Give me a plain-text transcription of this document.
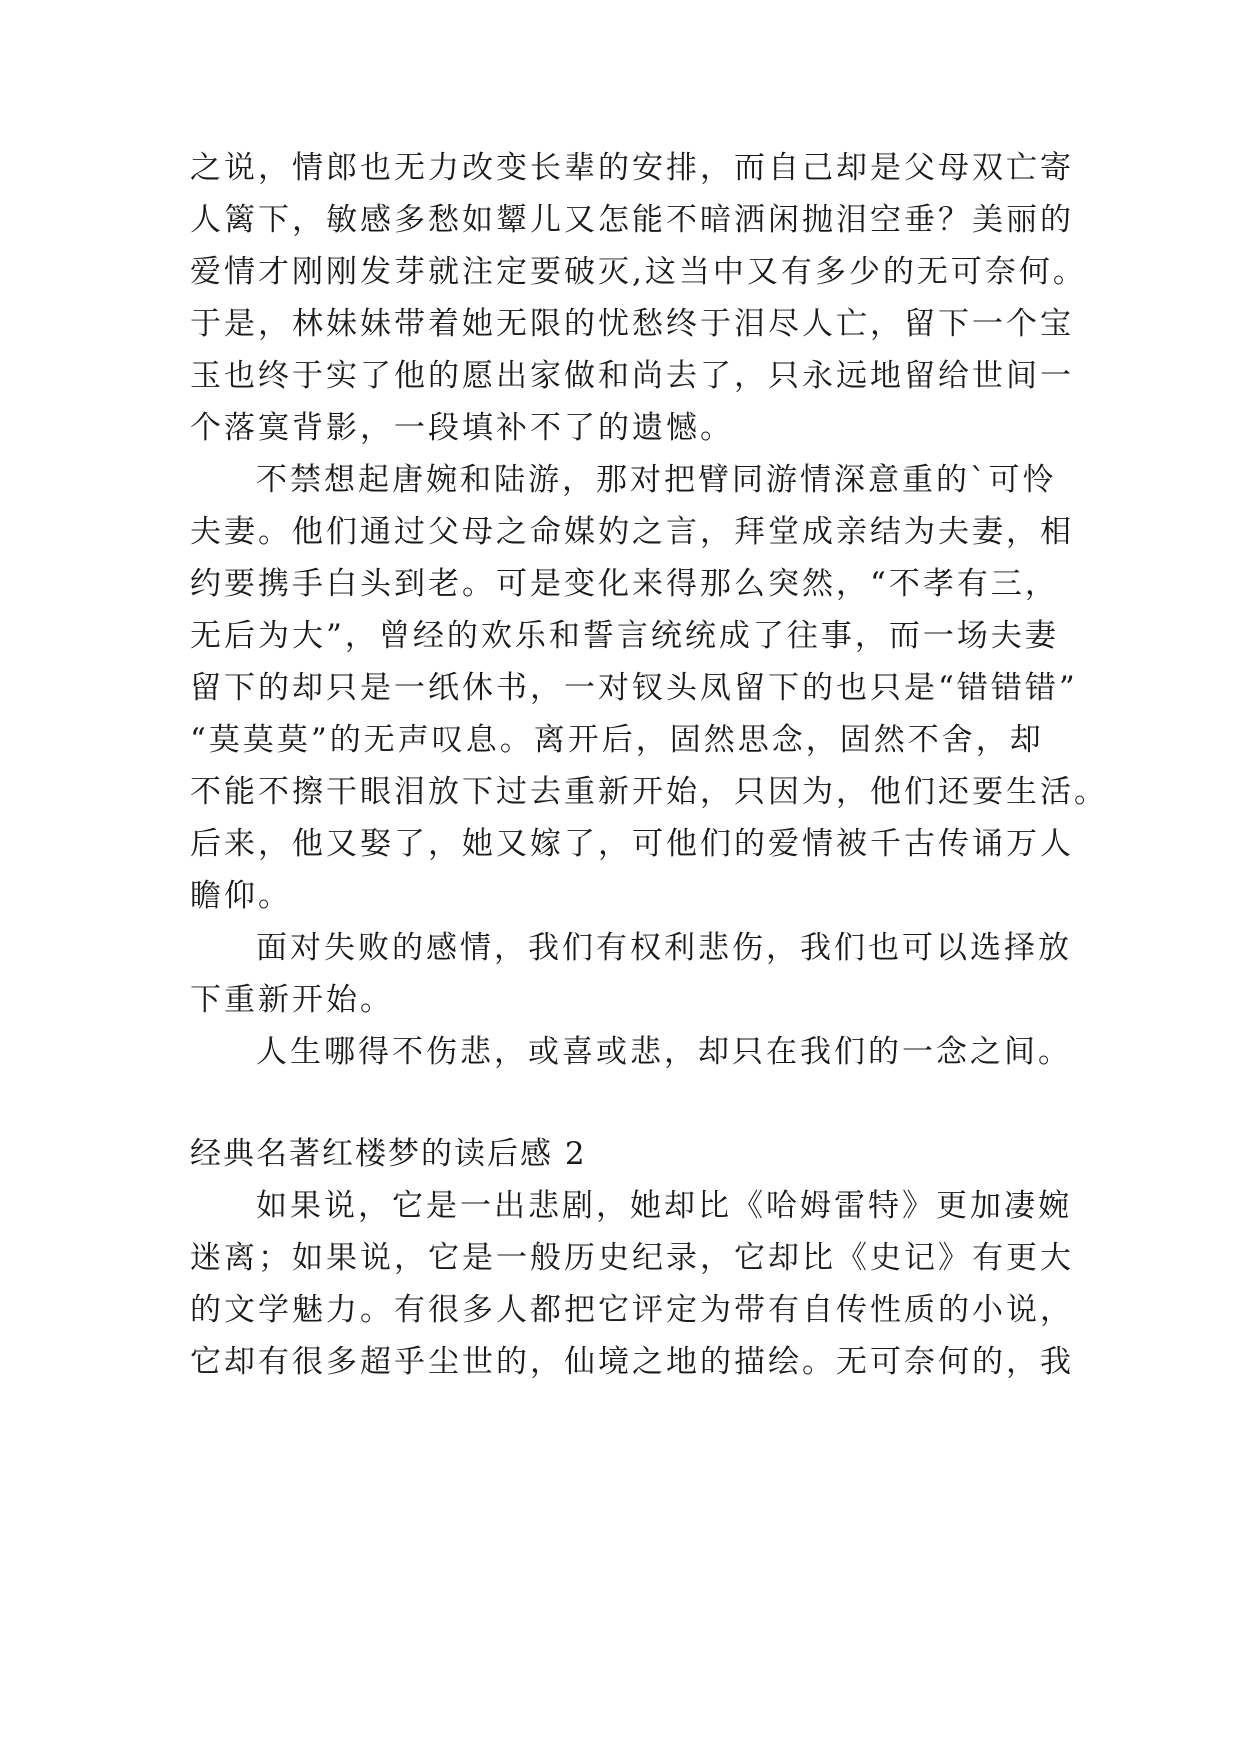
之说，情郎也无力改变长辈的安排，而自己却是父母双亡寄
人篱下，敏感多愁如颦儿又怎能不暗洒闲抛泪空垂？美丽的
爱情才刚刚发芽就注定要破灭,这当中又有多少的无可奈何。
于是，林妹妹带着她无限的忧愁终于泪尽人亡，留下一个宝
玉也终于实了他的愿出家做和尚去了，只永远地留给世间一
个落寞背影，一段填补不了的遗憾。
不禁想起唐婉和陆游，那对把臂同游情深意重的`可怜
夫妻。他们通过父母之命媒妁之言，拜堂成亲结为夫妻，相
约要携手白头到老。可是变化来得那么突然，“不孝有三，
无后为大”，曾经的欢乐和誓言统统成了往事，而一场夫妻
留下的却只是一纸休书，一对钗头凤留下的也只是“错错错”
“莫莫莫”的无声叹息。离开后，固然思念，固然不舍，却
不能不擦干眼泪放下过去重新开始，只因为，他们还要生活。
后来，他又娶了，她又嫁了，可他们的爱情被千古传诵万人
瞻仰。
面对失败的感情，我们有权利悲伤，我们也可以选择放
下重新开始。
人生哪得不伤悲，或喜或悲，却只在我们的一念之间。
经典名著红楼梦的读后感 2
如果说，它是一出悲剧，她却比《哈姆雷特》更加凄婉
迷离；如果说，它是一般历史纪录，它却比《史记》有更大
的文学魅力。有很多人都把它评定为带有自传性质的小说，
它却有很多超乎尘世的，仙境之地的描绘。无可奈何的，我
